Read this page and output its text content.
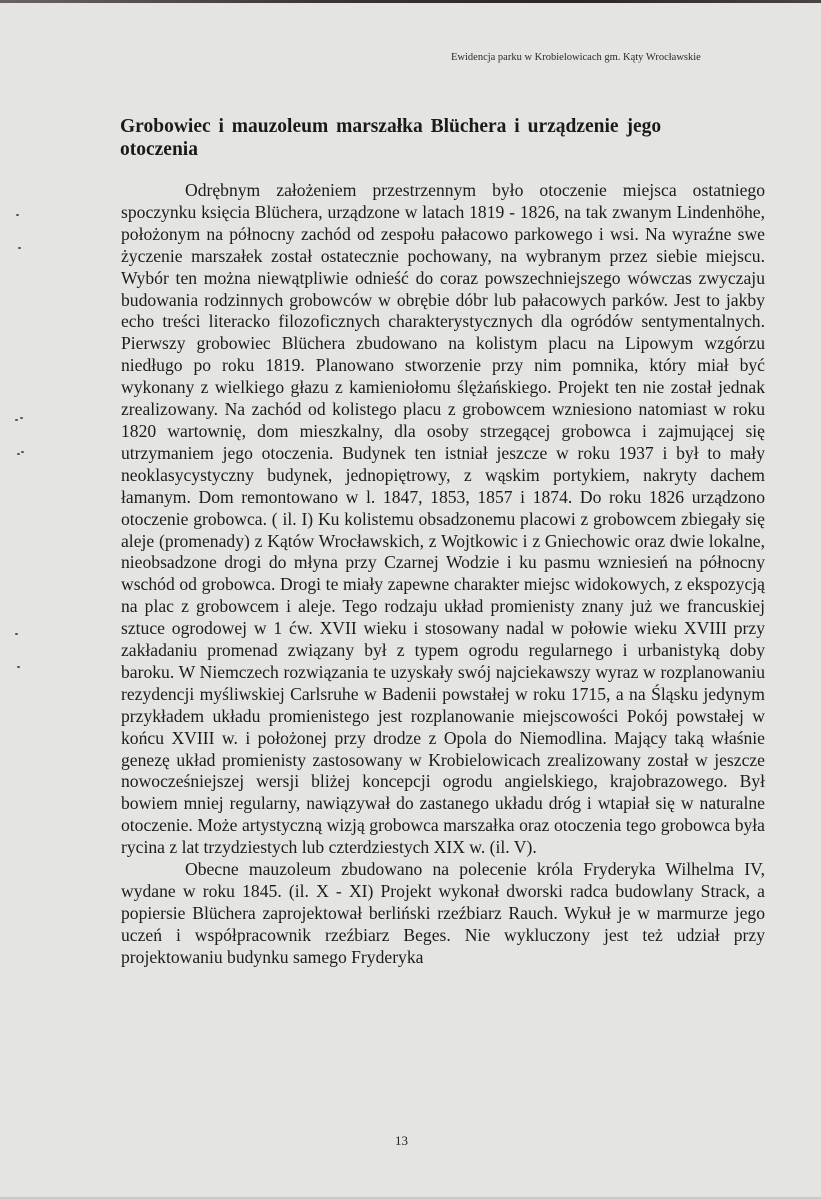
Ewidencja parku w Krobielowicach gm. Kąty Wrocławskie
Grobowiec i mauzoleum marszałka Blüchera i urządzenie jego otoczenia

Odrębnym założeniem przestrzennym było otoczenie miejsca ostatniego spoczynku księcia Blüchera, urządzone w latach 1819 - 1826, na tak zwanym Lindenhöhe, położonym na północny zachód od zespołu pałacowo parkowego i wsi. Na wyraźne swe życzenie marszałek został ostatecznie pochowany, na wybranym przez siebie miejscu. Wybór ten można niewątpliwie odnieść do coraz powszechniejszego wówczas zwyczaju budowania rodzinnych grobowców w obrębie dóbr lub pałacowych parków. Jest to jakby echo treści literacko filozoficznych charakterystycznych dla ogródów sentymentalnych. Pierwszy grobowiec Blüchera zbudowano na kolistym placu na Lipowym wzgórzu niedługo po roku 1819. Planowano stworzenie przy nim pomnika, który miał być wykonany z wielkiego głazu z kamieniołomu ślężańskiego. Projekt ten nie został jednak zrealizowany. Na zachód od kolistego placu z grobowcem wzniesiono natomiast w roku 1820 wartownię, dom mieszkalny, dla osoby strzegącej grobowca i zajmującej się utrzymaniem jego otoczenia. Budynek ten istniał jeszcze w roku 1937 i był to mały neoklasycystyczny budynek, jednopiętrowy, z wąskim portykiem, nakryty dachem łamanym. Dom remontowano w l. 1847, 1853, 1857 i 1874. Do roku 1826 urządzono otoczenie grobowca. ( il. I) Ku kolistemu obsadzonemu placowi z grobowcem zbiegały się aleje (promenady) z Kątów Wrocławskich, z Wojtkowic i z Gniechowic oraz dwie lokalne, nieobsadzone drogi do młyna przy Czarnej Wodzie i ku pasmu wzniesień na północny wschód od grobowca. Drogi te miały zapewne charakter miejsc widokowych, z ekspozycją na plac z grobowcem i aleje. Tego rodzaju układ promienisty znany już we francuskiej sztuce ogrodowej w 1 ćw. XVII wieku i stosowany nadal w połowie wieku XVIII przy zakładaniu promenad związany był z typem ogrodu regularnego i urbanistyką doby baroku. W Niemczech rozwiązania te uzyskały swój najciekawszy wyraz w rozplanowaniu rezydencji myśliwskiej Carlsruhe w Badenii powstałej w roku 1715, a na Śląsku jedynym przykładem układu promienistego jest rozplanowanie miejscowości Pokój powstałej w końcu XVIII w. i położonej przy drodze z Opola do Niemodlina. Mający taką właśnie genezę układ promienisty zastosowany w Krobielowicach zrealizowany został w jeszcze nowocześniejszej wersji bliżej koncepcji ogrodu angielskiego, krajobrazowego. Był bowiem mniej regularny, nawiązywał do zastanego układu dróg i wtapiał się w naturalne otoczenie. Może artystyczną wizją grobowca marszałka oraz otoczenia tego grobowca była rycina z lat trzydziestych lub czterdziestych XIX w. (il. V).

Obecne mauzoleum zbudowano na polecenie króla Fryderyka Wilhelma IV, wydane w roku 1845. (il. X - XI) Projekt wykonał dworski radca budowlany Strack, a popiersie Blüchera zaprojektował berliński rzeźbiarz Rauch. Wykuł je w marmurze jego uczeń i współpracownik rzeźbiarz Beges. Nie wykluczony jest też udział przy projektowaniu budynku samego Fryderyka

13
